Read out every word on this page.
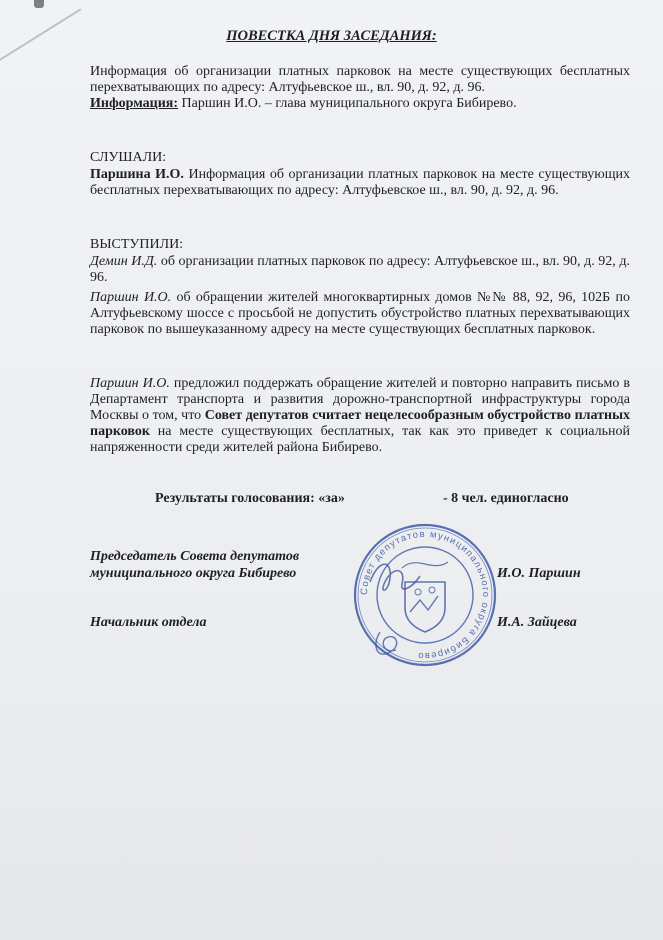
ПОВЕСТКА ДНЯ ЗАСЕДАНИЯ:
Информация об организации платных парковок на месте существующих бесплатных перехватывающих по адресу: Алтуфьевское ш., вл. 90, д. 92, д. 96.
Информация: Паршин И.О. – глава муниципального округа Бибирево.
СЛУШАЛИ:
Паршина И.О. Информация об организации платных парковок на месте существующих бесплатных перехватывающих по адресу: Алтуфьевское ш., вл. 90, д. 92, д. 96.
ВЫСТУПИЛИ:
Демин И.Д. об организации платных парковок по адресу: Алтуфьевское ш., вл. 90, д. 92, д. 96.
Паршин И.О. об обращении жителей многоквартирных домов №№ 88, 92, 96, 102Б по Алтуфьевскому шоссе с просьбой не допустить обустройство платных перехватывающих парковок по вышеуказанному адресу на месте существующих бесплатных парковок.
Паршин И.О. предложил поддержать обращение жителей и повторно направить письмо в Департамент транспорта и развития дорожно-транспортной инфраструктуры города Москвы о том, что Совет депутатов считает нецелесообразным обустройство платных парковок на месте существующих бесплатных, так как это приведет к социальной напряженности среди жителей района Бибирево.
Результаты голосования: «за»	- 8 чел. единогласно
Председатель Совета депутатов
муниципального округа Бибирево	И.О. Паршин
Начальник отдела	И.А. Зайцева
Совет депутатов муниципального округа Бибирево
